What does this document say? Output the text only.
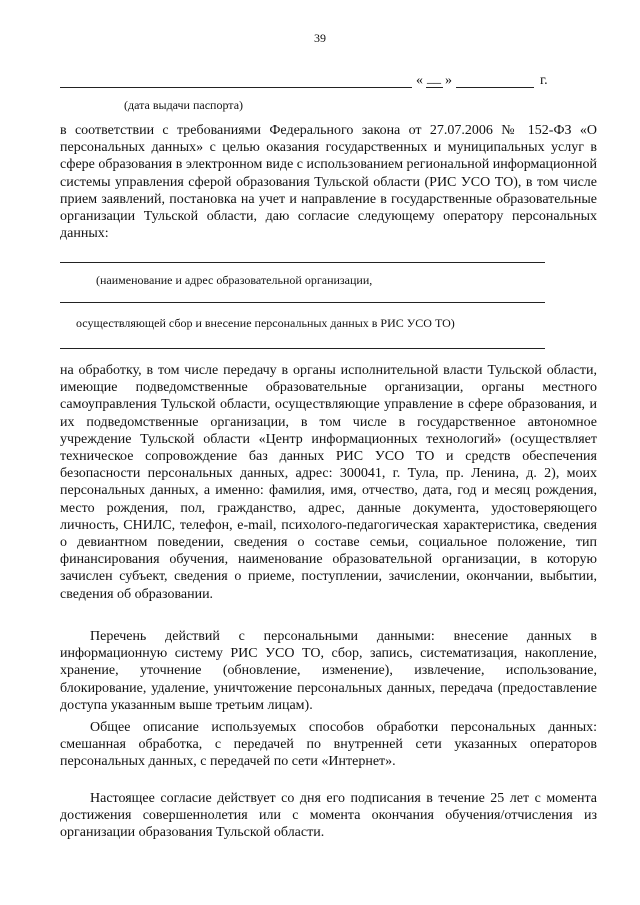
39
« __ »	г.
(дата выдачи паспорта)
в соответствии с требованиями Федерального закона от 27.07.2006 № 152-ФЗ «О персональных данных» с целью оказания государственных и муниципальных услуг в сфере образования в электронном виде с использованием региональной информационной системы управления сферой образования Тульской области (РИС УСО ТО), в том числе прием заявлений, постановка на учет и направление в государственные образовательные организации Тульской области, даю согласие следующему оператору персональных данных:
(наименование и адрес образовательной организации,
осуществляющей сбор и внесение персональных данных в РИС УСО ТО)
на обработку, в том числе передачу в органы исполнительной власти Тульской области, имеющие подведомственные образовательные организации, органы местного самоуправления Тульской области, осуществляющие управление в сфере образования, и их подведомственные организации, в том числе в государственное автономное учреждение Тульской области «Центр информационных технологий» (осуществляет техническое сопровождение баз данных РИС УСО ТО и средств обеспечения безопасности персональных данных, адрес: 300041, г. Тула, пр. Ленина, д. 2), моих персональных данных, а именно: фамилия, имя, отчество, дата, год и месяц рождения, место рождения, пол, гражданство, адрес, данные документа, удостоверяющего личность, СНИЛС, телефон, e-mail, психолого-педагогическая характеристика, сведения о девиантном поведении, сведения о составе семьи, социальное положение, тип финансирования обучения, наименование образовательной организации, в которую зачислен субъект, сведения о приеме, поступлении, зачислении, окончании, выбытии, сведения об образовании.
Перечень действий с персональными данными: внесение данных в информационную систему РИС УСО ТО, сбор, запись, систематизация, накопление, хранение, уточнение (обновление, изменение), извлечение, использование, блокирование, удаление, уничтожение персональных данных, передача (предоставление доступа указанным выше третьим лицам).
Общее описание используемых способов обработки персональных данных: смешанная обработка, с передачей по внутренней сети указанных операторов персональных данных, с передачей по сети «Интернет».
Настоящее согласие действует со дня его подписания в течение 25 лет с момента достижения совершеннолетия или с момента окончания обучения/отчисления из организации образования Тульской области.
